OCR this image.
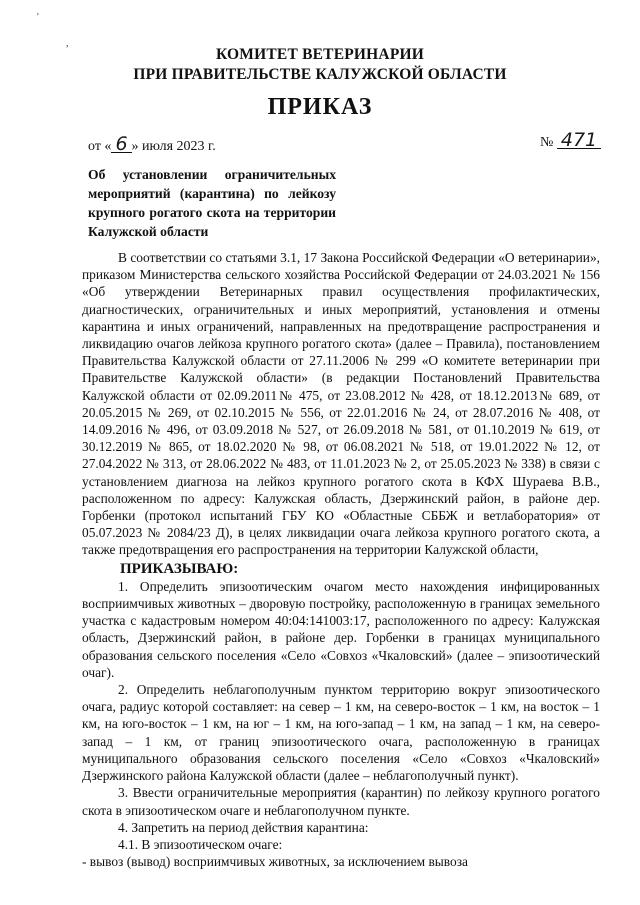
'
,
КОМИТЕТ ВЕТЕРИНАРИИ
ПРИ ПРАВИТЕЛЬСТВЕ КАЛУЖСКОЙ ОБЛАСТИ
ПРИКАЗ
от « 6 » июля 2023 г.	№ 471
Об установлении ограничительных мероприятий (карантина) по лейкозу крупного рогатого скота на территории Калужской области

В соответствии со статьями 3.1, 17 Закона Российской Федерации «О ветеринарии», приказом Министерства сельского хозяйства Российской Федерации от 24.03.2021 № 156 «Об утверждении Ветеринарных правил осуществления профилактических, диагностических, ограничительных и иных мероприятий, установления и отмены карантина и иных ограничений, направленных на предотвращение распространения и ликвидацию очагов лейкоза крупного рогатого скота» (далее – Правила), постановлением Правительства Калужской области от 27.11.2006 № 299 «О комитете ветеринарии при Правительстве Калужской области» (в редакции Постановлений Правительства Калужской области от 02.09.2011№ 475, от 23.08.2012 № 428, от 18.12.2013№ 689, от 20.05.2015 № 269, от 02.10.2015 № 556, от 22.01.2016 № 24, от 28.07.2016 № 408, от 14.09.2016 № 496, от 03.09.2018 № 527, от 26.09.2018 № 581, от 01.10.2019 № 619, от 30.12.2019 № 865, от 18.02.2020 № 98, от 06.08.2021 № 518, от 19.01.2022 № 12, от 27.04.2022 № 313, от 28.06.2022 № 483, от 11.01.2023 № 2, от 25.05.2023 № 338) в связи с установлением диагноза на лейкоз крупного рогатого скота в КФХ Шураева В.В., расположенном по адресу: Калужская область, Дзержинский район, в районе дер. Горбенки (протокол испытаний ГБУ КО «Областные СББЖ и ветлаборатория» от 05.07.2023 № 2084/23 Д), в целях ликвидации очага лейкоза крупного рогатого скота, а также предотвращения его распространения на территории Калужской области,

ПРИКАЗЫВАЮ:

1. Определить эпизоотическим очагом место нахождения инфицированных восприимчивых животных – дворовую постройку, расположенную в границах земельного участка с кадастровым номером 40:04:141003:17, расположенного по адресу: Калужская область, Дзержинский район, в районе дер. Горбенки в границах муниципального образования сельского поселения «Село «Совхоз «Чкаловский» (далее – эпизоотический очаг).

2. Определить неблагополучным пунктом территорию вокруг эпизоотического очага, радиус которой составляет: на север – 1 км, на северо-восток – 1 км, на восток – 1 км, на юго-восток – 1 км, на юг – 1 км, на юго-запад – 1 км, на запад – 1 км, на северо-запад – 1 км, от границ эпизоотического очага, расположенную в границах муниципального образования сельского поселения «Село «Совхоз «Чкаловский» Дзержинского района Калужской области (далее – неблагополучный пункт).

3. Ввести ограничительные мероприятия (карантин) по лейкозу крупного рогатого скота в эпизоотическом очаге и неблагополучном пункте.

4. Запретить на период действия карантина:

4.1. В эпизоотическом очаге:

- вывоз (вывод) восприимчивых животных, за исключением вывоза
